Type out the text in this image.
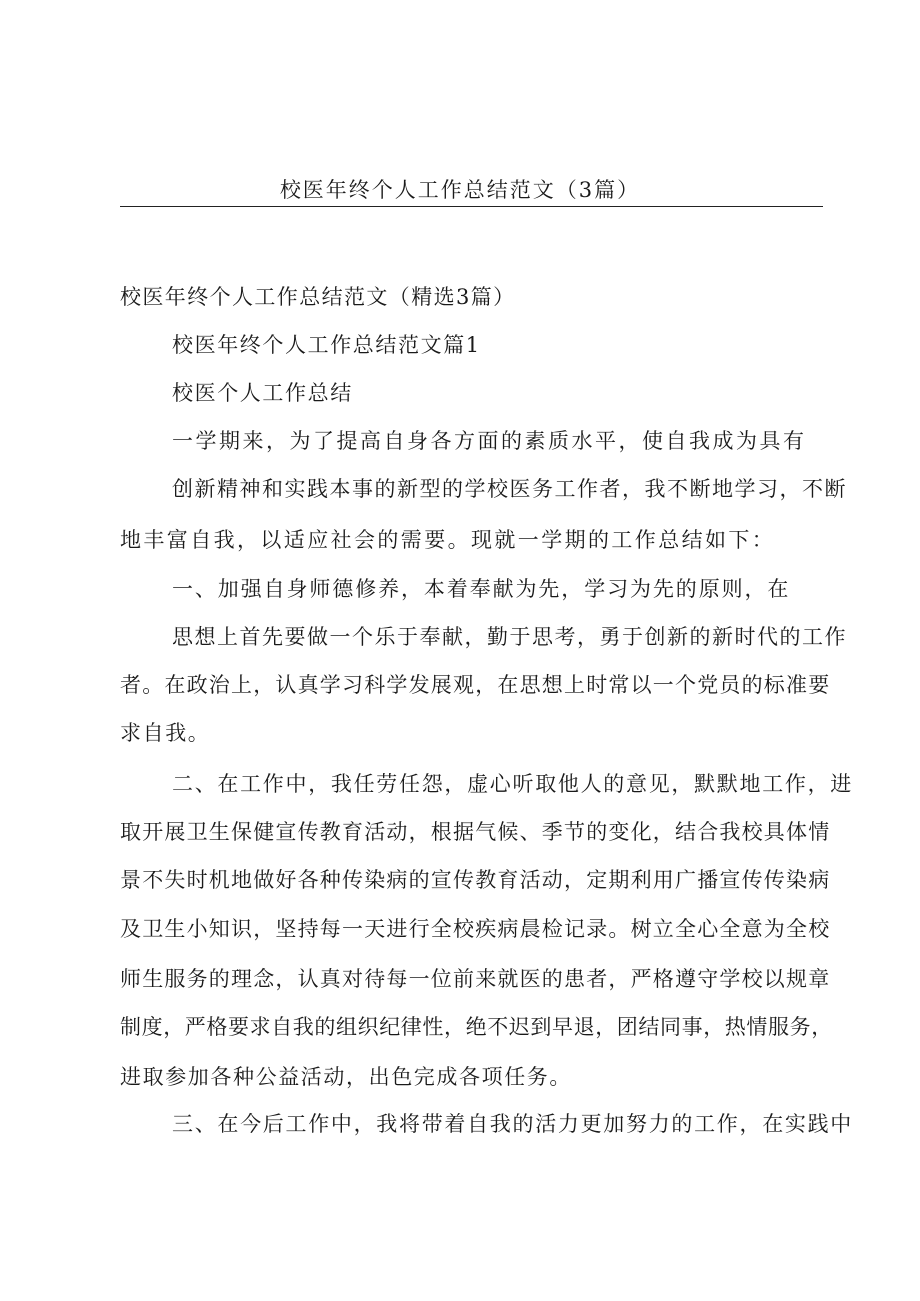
校医年终个人工作总结范文（3篇）
校医年终个人工作总结范文（精选3篇）
校医年终个人工作总结范文篇1
校医个人工作总结
一学期来，为了提高自身各方面的素质水平，使自我成为具有
创新精神和实践本事的新型的学校医务工作者，我不断地学习，不断
地丰富自我，以适应社会的需要。现就一学期的工作总结如下：
一、加强自身师德修养，本着奉献为先，学习为先的原则，在
思想上首先要做一个乐于奉献，勤于思考，勇于创新的新时代的工作
者。在政治上，认真学习科学发展观，在思想上时常以一个党员的标准要
求自我。
二、在工作中，我任劳任怨，虚心听取他人的意见，默默地工作，进
取开展卫生保健宣传教育活动，根据气候、季节的变化，结合我校具体情
景不失时机地做好各种传染病的宣传教育活动，定期利用广播宣传传染病
及卫生小知识，坚持每一天进行全校疾病晨检记录。树立全心全意为全校
师生服务的理念，认真对待每一位前来就医的患者，严格遵守学校以规章
制度，严格要求自我的组织纪律性，绝不迟到早退，团结同事，热情服务，
进取参加各种公益活动，出色完成各项任务。
三、在今后工作中，我将带着自我的活力更加努力的工作，在实践中
